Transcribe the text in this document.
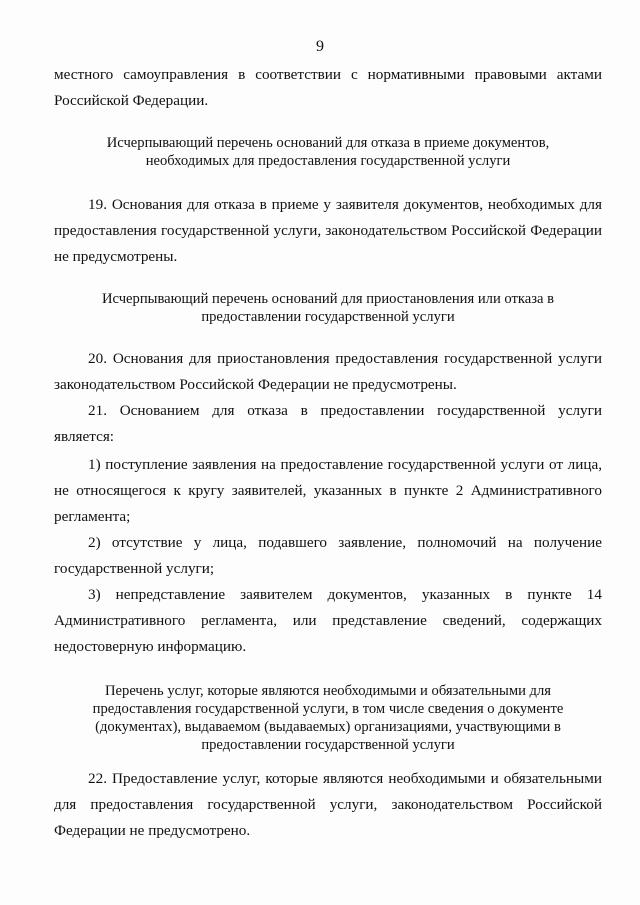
9
местного самоуправления в соответствии с нормативными правовыми актами
Российской Федерации.
Исчерпывающий перечень оснований для отказа в приеме документов,
необходимых для предоставления государственной услуги
19. Основания для отказа в приеме у заявителя документов, необходимых для
предоставления государственной услуги, законодательством Российской Федерации
не предусмотрены.
Исчерпывающий перечень оснований для приостановления или отказа в
предоставлении государственной услуги
20. Основания для приостановления предоставления государственной услуги
законодательством Российской Федерации не предусмотрены.
21. Основанием для отказа в предоставлении государственной услуги
является:
1) поступление заявления на предоставление государственной услуги от лица,
не относящегося к кругу заявителей, указанных в пункте 2 Административного
регламента;
2) отсутствие у лица, подавшего заявление, полномочий на получение
государственной услуги;
3) непредставление заявителем документов, указанных в пункте 14
Административного регламента, или представление сведений, содержащих
недостоверную информацию.
Перечень услуг, которые являются необходимыми и обязательными для
предоставления государственной услуги, в том числе сведения о документе
(документах), выдаваемом (выдаваемых) организациями, участвующими в
предоставлении государственной услуги
22. Предоставление услуг, которые являются необходимыми и обязательными
для предоставления государственной услуги, законодательством Российской
Федерации не предусмотрено.
